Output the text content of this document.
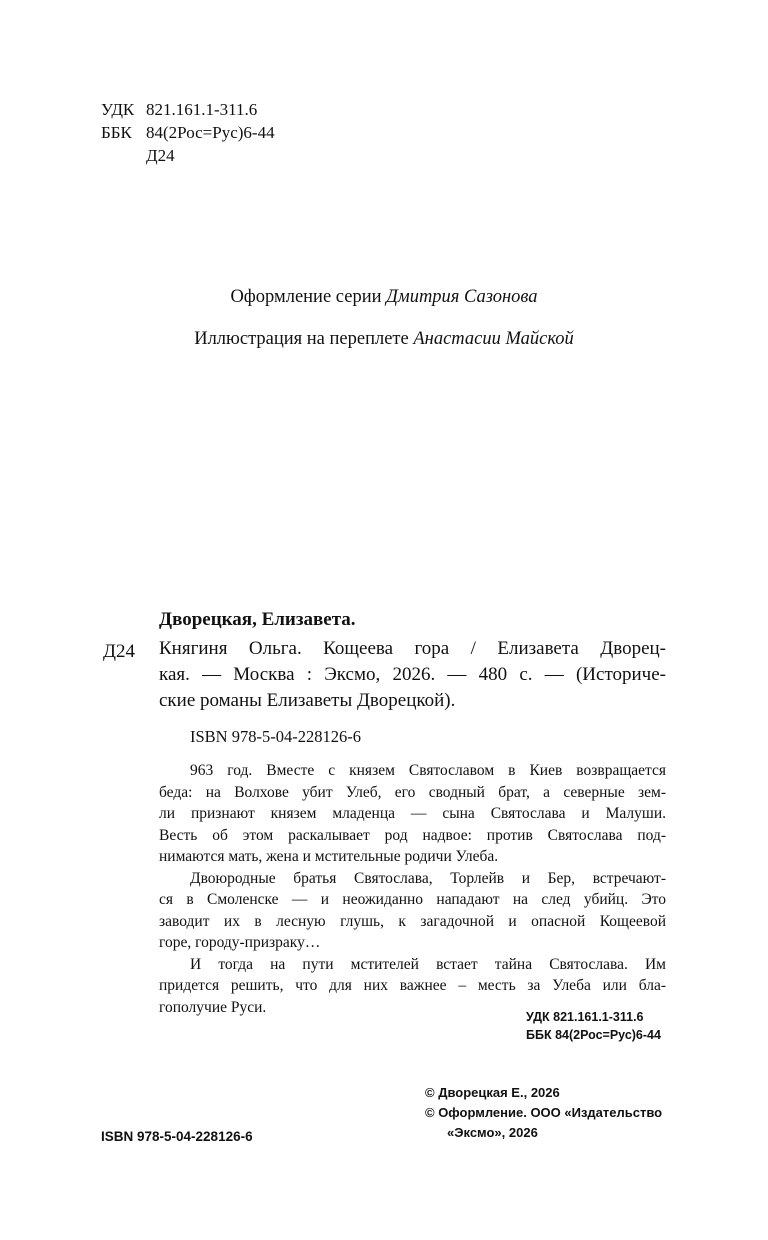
УДК 821.161.1-311.6
ББК 84(2Рос=Рус)6-44
Д24
Оформление серии Дмитрия Сазонова
Иллюстрация на переплете Анастасии Майской
Дворецкая, Елизавета.
Д24 Княгиня Ольга. Кощеева гора / Елизавета Дворец-
кая. — Москва : Эксмо, 2026. — 480 с. — (Историче-
ские романы Елизаветы Дворецкой).
ISBN 978-5-04-228126-6
963 год. Вместе с князем Святославом в Киев возвращается
беда: на Волхове убит Улеб, его сводный брат, а северные зем-
ли признают князем младенца — сына Святослава и Малуши.
Весть об этом раскалывает род надвое: против Святослава под-
нимаются мать, жена и мстительные родичи Улеба.
Двоюродные братья Святослава, Торлейв и Бер, встречают-
ся в Смоленске — и неожиданно нападают на след убийц. Это
заводит их в лесную глушь, к загадочной и опасной Кощеевой
горе, городу-призраку…
И тогда на пути мстителей встает тайна Святослава. Им
придется решить, что для них важнее – месть за Улеба или бла-
гополучие Руси.
УДК 821.161.1-311.6
ББК 84(2Рос=Рус)6-44
© Дворецкая Е., 2026
© Оформление. ООО «Издательство
«Эксмо», 2026
ISBN 978-5-04-228126-6
